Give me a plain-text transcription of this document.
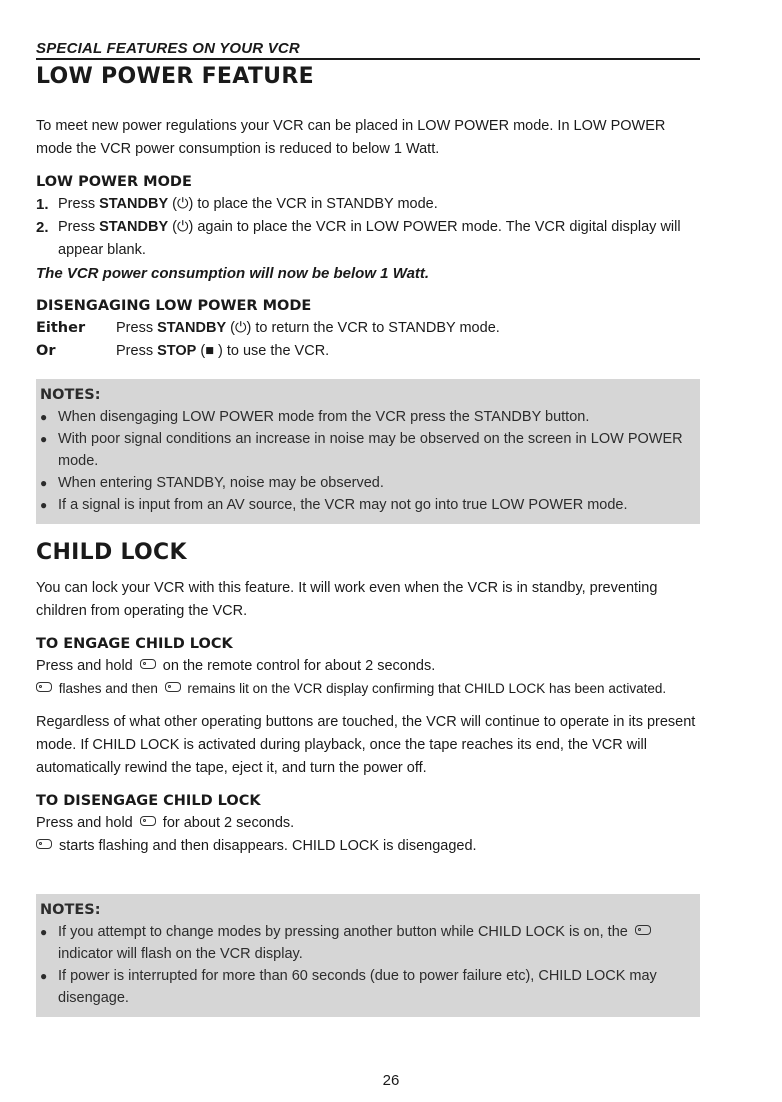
SPECIAL FEATURES ON YOUR VCR
LOW POWER FEATURE

To meet new power regulations your VCR can be placed in LOW POWER mode. In LOW POWER mode the VCR power consumption is reduced to below 1 Watt.

LOW POWER MODE
1. Press STANDBY (⏻) to place the VCR in STANDBY mode.
2. Press STANDBY (⏻) again to place the VCR in LOW POWER mode. The VCR digital display will appear blank.
The VCR power consumption will now be below 1 Watt.
DISENGAGING LOW POWER MODE
Either	Press STANDBY (⏻) to return the VCR to STANDBY mode.
Or	Press STOP (■ ) to use the VCR.
NOTES:
● When disengaging LOW POWER mode from the VCR press the STANDBY button.
● With poor signal conditions an increase in noise may be observed on the screen in LOW POWER mode.
● When entering STANDBY, noise may be observed.
● If a signal is input from an AV source, the VCR may not go into true LOW POWER mode.
CHILD LOCK

You can lock your VCR with this feature. It will work even when the VCR is in standby, preventing children from operating the VCR.

TO ENGAGE CHILD LOCK
Press and hold on the remote control for about 2 seconds.
flashes and then remains lit on the VCR display confirming that CHILD LOCK has been activated.

Regardless of what other operating buttons are touched, the VCR will continue to operate in its present mode. If CHILD LOCK is activated during playback, once the tape reaches its end, the VCR will automatically rewind the tape, eject it, and turn the power off.

TO DISENGAGE CHILD LOCK
Press and hold for about 2 seconds.
starts flashing and then disappears. CHILD LOCK is disengaged.
NOTES:
● If you attempt to change modes by pressing another button while CHILD LOCK is on, the  indicator will flash on the VCR display.
● If power is interrupted for more than 60 seconds (due to power failure etc), CHILD LOCK may disengage.
26
